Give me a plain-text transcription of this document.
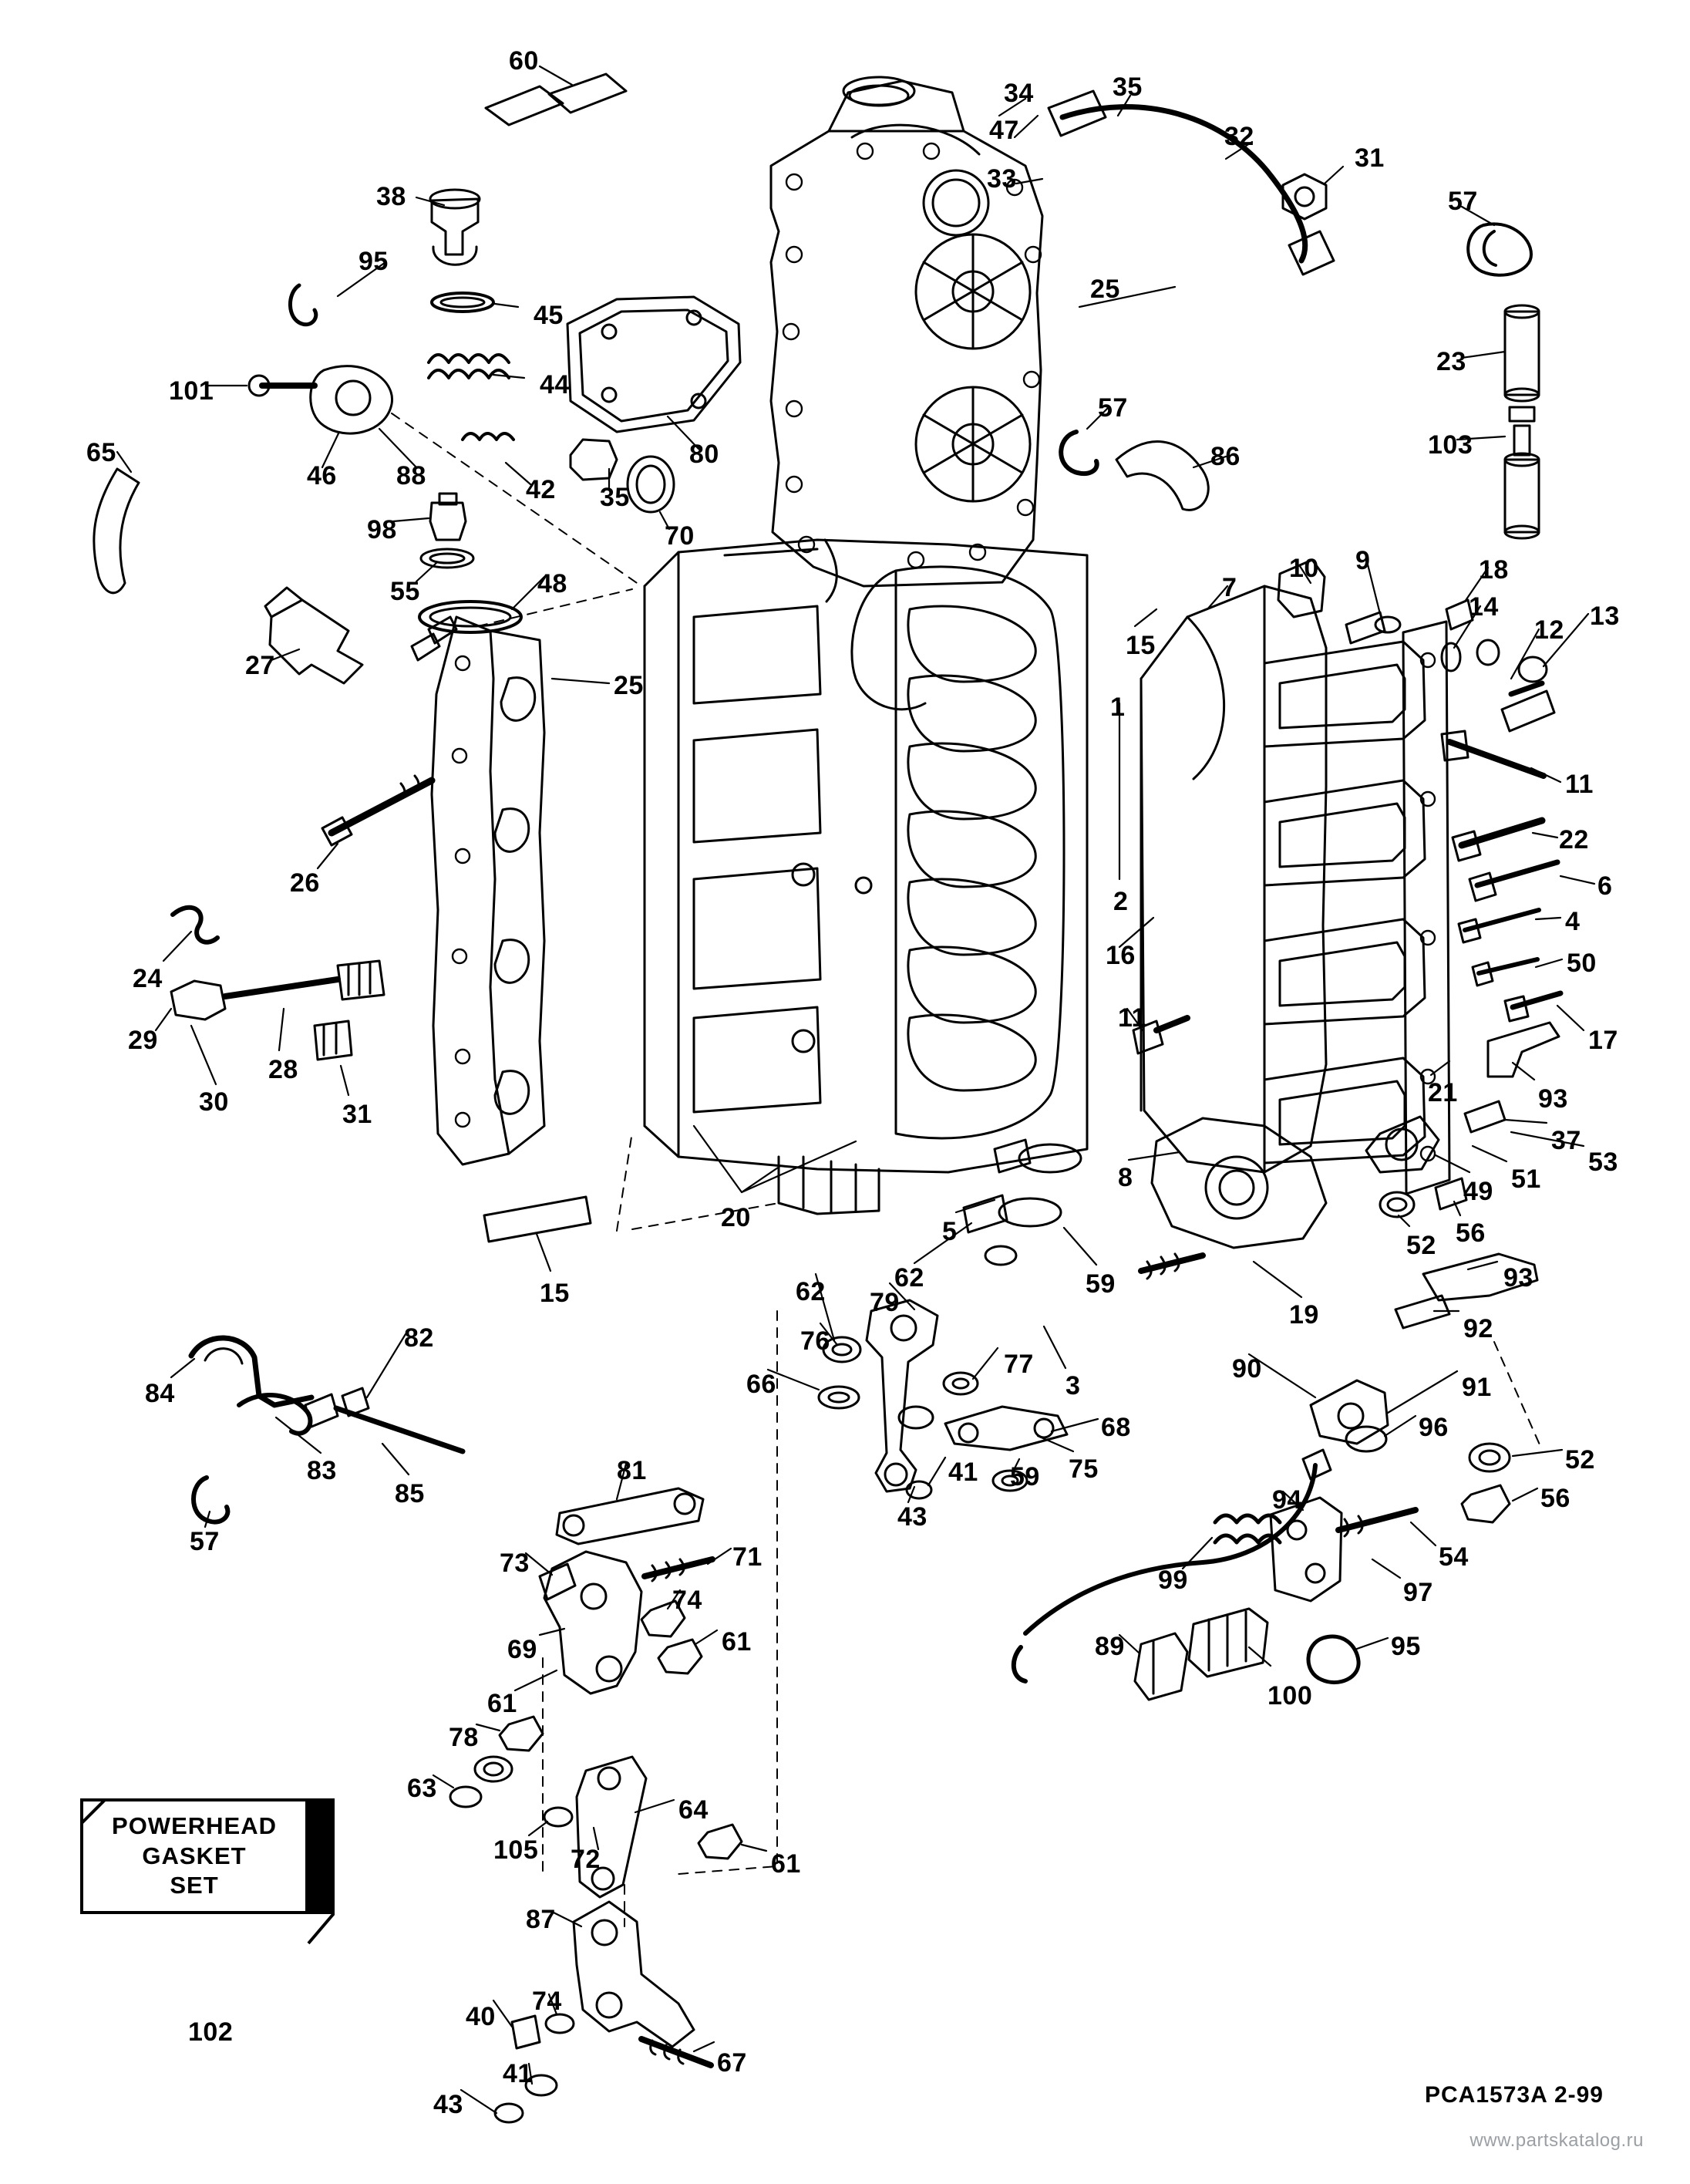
60
34	35
47	32
31
33
38	57
95
25
45
23
101	44
103
65	80
57
86
46 88	42 35
98	70
55	48
15
7
10 9	18
13
14
12
27
25
1
11
26
2
22
6
4
24
16	50
29
11
17
28
30	31
21	93
37
49 51
53
8
52 56
20
15
5
62	59
62 79
93
19	92
76
66
77
3
90
91
84
82
96
68
52
83
85
59 75
56
81	41
43
94
57
54
73	71
97
99
74
69	89	95
61
61	100
78
63
64
105 72	61
87
40
74
67
41
43
102
POWERHEAD
GASKET
SET
PCA1573A 2-99
www.partskatalog.ru
